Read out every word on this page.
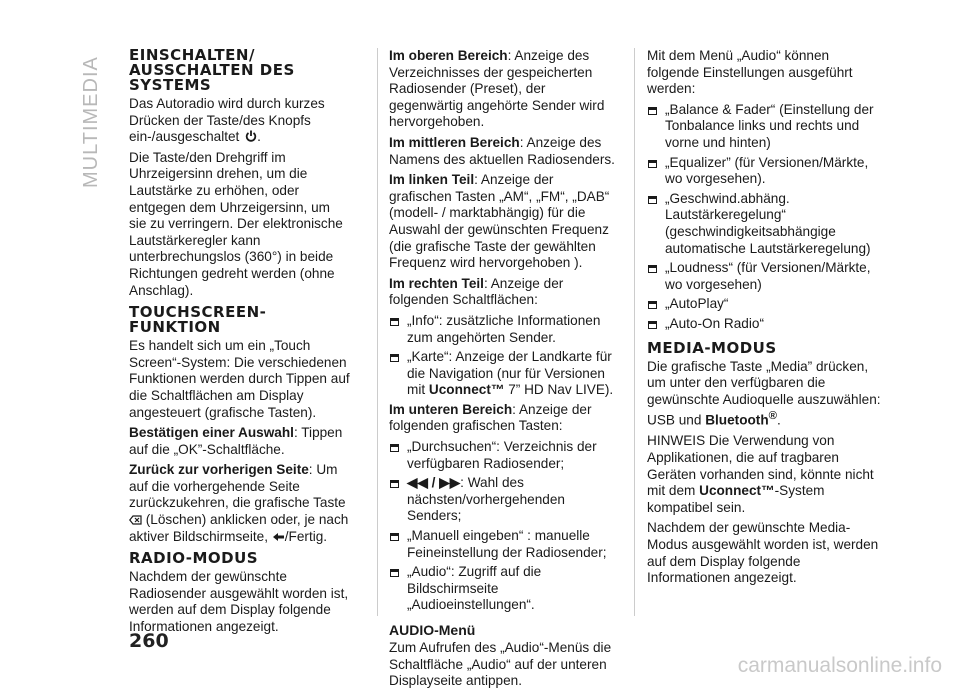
MULTIMEDIA
EINSCHALTEN/ AUSSCHALTEN DES SYSTEMS

Das Autoradio wird durch kurzes Drücken der Taste/des Knopfs ein-/ausgeschaltet .

Die Taste/den Drehgriff im Uhrzeigersinn drehen, um die Lautstärke zu erhöhen, oder entgegen dem Uhrzeigersinn, um sie zu verringern. Der elektronische Lautstärkeregler kann unterbrechungslos (360°) in beide Richtungen gedreht werden (ohne Anschlag).

TOUCHSCREEN-FUNKTION

Es handelt sich um ein „Touch Screen“-System: Die verschiedenen Funktionen werden durch Tippen auf die Schaltflächen am Display angesteuert (grafische Tasten).

Bestätigen einer Auswahl: Tippen auf die „OK”-Schaltfläche.

Zurück zur vorherigen Seite: Um auf die vorhergehende Seite zurückzukehren, die grafische Taste  (Löschen) anklicken oder, je nach aktiver Bildschirmseite, /Fertig.

RADIO-MODUS

Nachdem der gewünschte Radiosender ausgewählt worden ist, werden auf dem Display folgende Informationen angezeigt.

Im oberen Bereich: Anzeige des Verzeichnisses der gespeicherten Radiosender (Preset), der gegenwärtig angehörte Sender wird hervorgehoben.

Im mittleren Bereich: Anzeige des Namens des aktuellen Radiosenders.

Im linken Teil: Anzeige der grafischen Tasten „AM“, „FM“, „DAB“ (modell- / marktabhängig) für die Auswahl der gewünschten Frequenz (die grafische Taste der gewählten Frequenz wird hervorgehoben ).

Im rechten Teil: Anzeige der folgenden Schaltflächen:

„Info“: zusätzliche Informationen zum angehörten Sender.
„Karte“: Anzeige der Landkarte für die Navigation (nur für Versionen mit Uconnect™ 7” HD Nav LIVE).

Im unteren Bereich: Anzeige der folgenden grafischen Tasten:

„Durchsuchen“: Verzeichnis der verfügbaren Radiosender;
◀◀ / ▶▶: Wahl des nächsten/vorhergehenden Senders;
„Manuell eingeben“ : manuelle Feineinstellung der Radiosender;
„Audio“: Zugriff auf die Bildschirmseite „Audioeinstellungen“.
AUDIO-Menü

Zum Aufrufen des „Audio“-Menüs die Schaltfläche „Audio“ auf der unteren Displayseite antippen.

Mit dem Menü „Audio“ können folgende Einstellungen ausgeführt werden:

„Balance & Fader“ (Einstellung der Tonbalance links und rechts und vorne und hinten)
„Equalizer” (für Versionen/Märkte, wo vorgesehen).
„Geschwind.abhäng. Lautstärkeregelung“ (geschwindigkeitsabhängige automatische Lautstärkeregelung)
„Loudness“ (für Versionen/Märkte, wo vorgesehen)
„AutoPlay“
„Auto-On Radio“
MEDIA-MODUS

Die grafische Taste „Media” drücken, um unter den verfügbaren die gewünschte Audioquelle auszuwählen: USB und Bluetooth®.

HINWEIS Die Verwendung von Applikationen, die auf tragbaren Geräten vorhanden sind, könnte nicht mit dem Uconnect™-System kompatibel sein.

Nachdem der gewünschte Media-Modus ausgewählt worden ist, werden auf dem Display folgende Informationen angezeigt.

260
carmanualsonline.info
